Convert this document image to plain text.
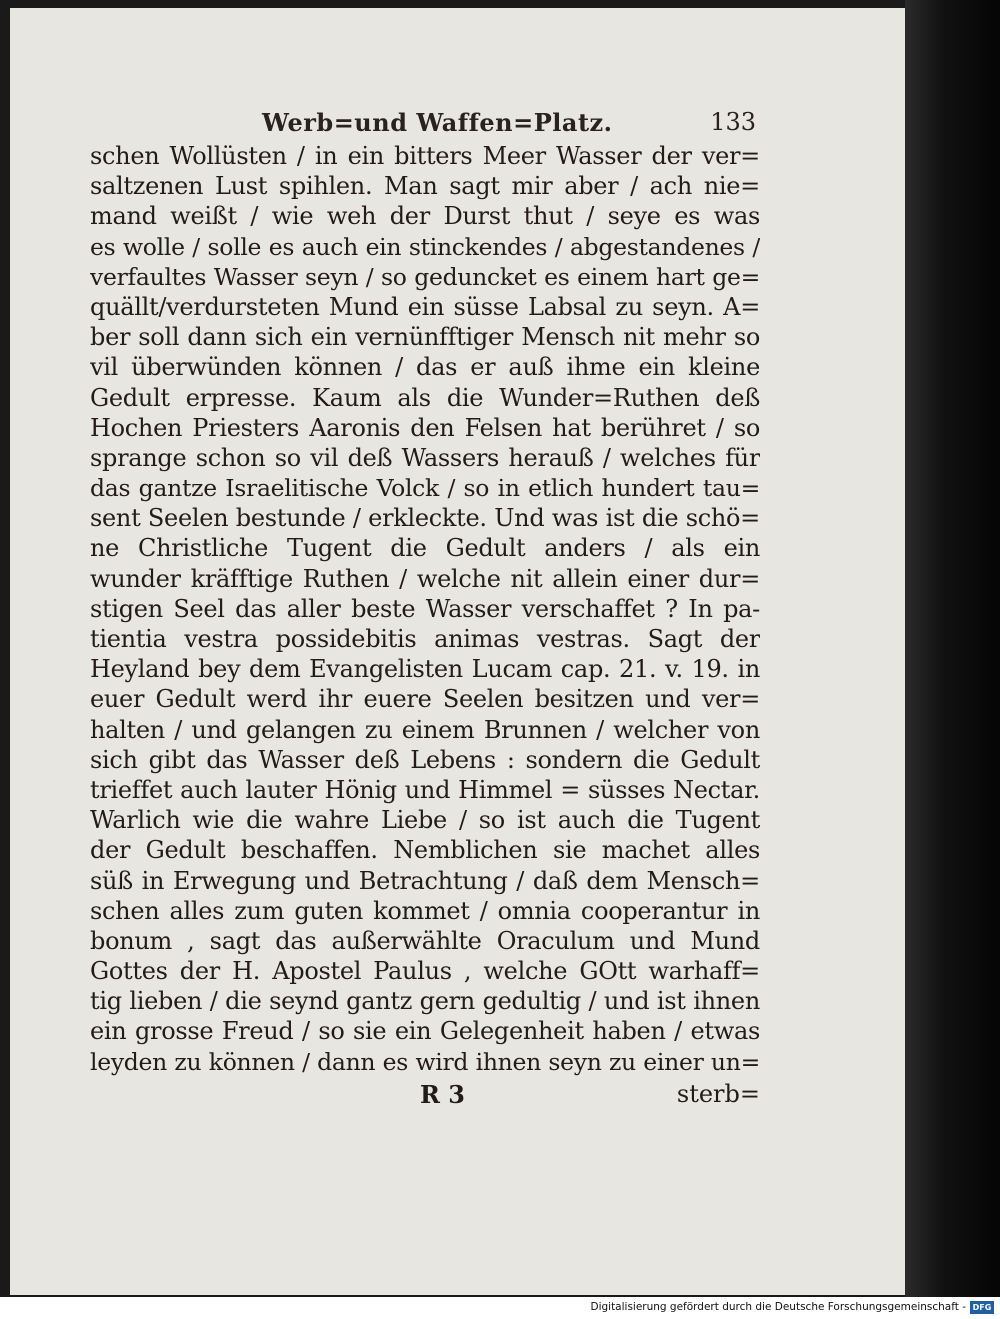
Werb=und Waffen=Platz.	133
schen Wollüsten / in ein bitters Meer Wasser der ver=
saltzenen Lust spihlen. Man sagt mir aber / ach nie=
mand weißt / wie weh der Durst thut / seye es was
es wolle / solle es auch ein stinckendes / abgestandenes /
verfaultes Wasser seyn / so geduncket es einem hart ge=
quällt/verdursteten Mund ein süsse Labsal zu seyn. A=
ber soll dann sich ein vernünfftiger Mensch nit mehr so
vil überwünden können / das er auß ihme ein kleine
Gedult erpresse. Kaum als die Wunder=Ruthen deß
Hochen Priesters Aaronis den Felsen hat berühret / so
sprange schon so vil deß Wassers herauß / welches für
das gantze Israelitische Volck / so in etlich hundert tau=
sent Seelen bestunde / erkleckte. Und was ist die schö=
ne Christliche Tugent die Gedult anders / als ein
wunder kräfftige Ruthen / welche nit allein einer dur=
stigen Seel das aller beste Wasser verschaffet ? In pa-
tientia vestra possidebitis animas vestras. Sagt der
Heyland bey dem Evangelisten Lucam cap. 21. v. 19. in
euer Gedult werd ihr euere Seelen besitzen und ver=
halten / und gelangen zu einem Brunnen / welcher von
sich gibt das Wasser deß Lebens : sondern die Gedult
trieffet auch lauter Hönig und Himmel = süsses Nectar.
Warlich wie die wahre Liebe / so ist auch die Tugent
der Gedult beschaffen. Nemblichen sie machet alles
süß in Erwegung und Betrachtung / daß dem Mensch=
schen alles zum guten kommet / omnia cooperantur in
bonum , sagt das außerwählte Oraculum und Mund
Gottes der H. Apostel Paulus , welche GOtt warhaff=
tig lieben / die seynd gantz gern gedultig / und ist ihnen
ein grosse Freud / so sie ein Gelegenheit haben / etwas
leyden zu können / dann es wird ihnen seyn zu einer un=
R 3	sterb=
Digitalisierung gefördert durch die Deutsche Forschungsgemeinschaft - DFG
